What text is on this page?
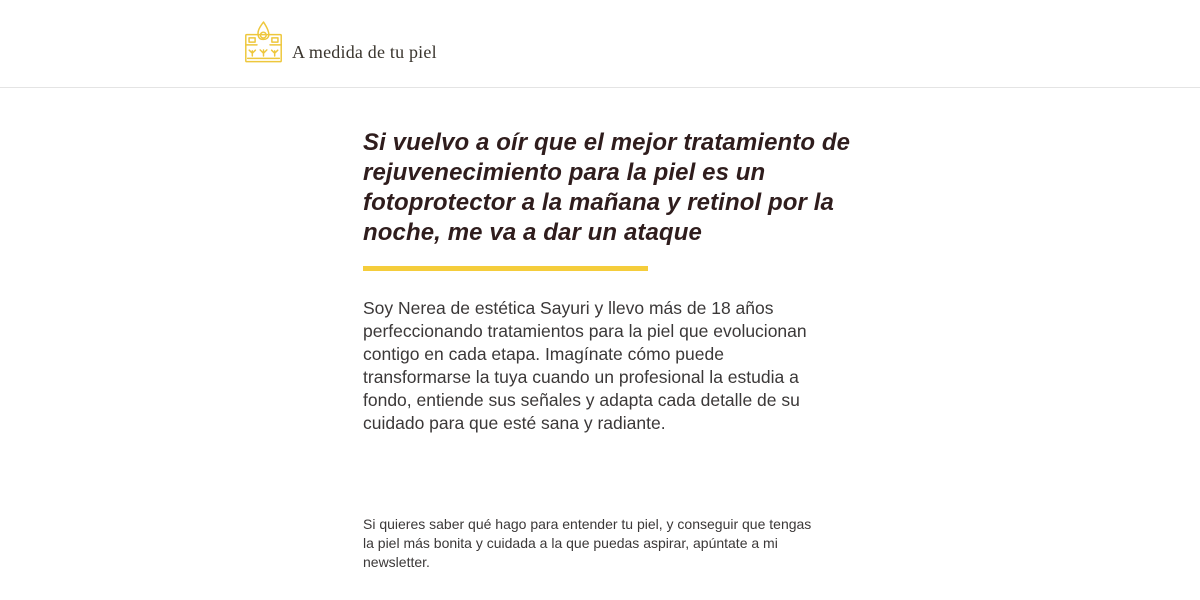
A medida de tu piel
Si vuelvo a oír que el mejor tratamiento de
rejuvenecimiento para la piel es un
fotoprotector a la mañana y retinol por la
noche, me va a dar un ataque

Soy Nerea de estética Sayuri y llevo más de 18 años
perfeccionando tratamientos para la piel que evolucionan
contigo en cada etapa. Imagínate cómo puede
transformarse la tuya cuando un profesional la estudia a
fondo, entiende sus señales y adapta cada detalle de su
cuidado para que esté sana y radiante.

Si quieres saber qué hago para entender tu piel, y conseguir que tengas
la piel más bonita y cuidada a la que puedas aspirar, apúntate a mi
newsletter.
